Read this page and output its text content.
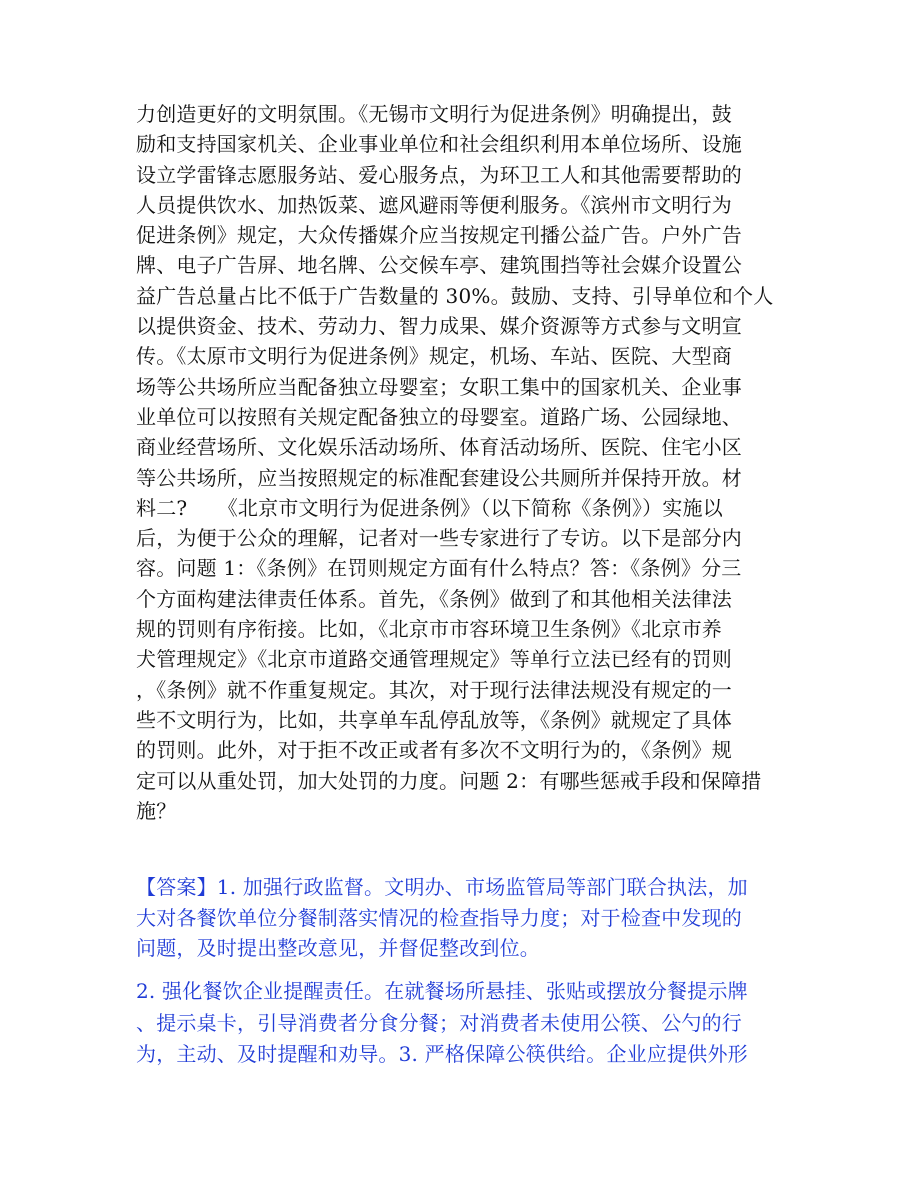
力创造更好的文明氛围。《无锡市文明行为促进条例》明确提出，鼓
励和支持国家机关、企业事业单位和社会组织利用本单位场所、设施
设立学雷锋志愿服务站、爱心服务点，为环卫工人和其他需要帮助的
人员提供饮水、加热饭菜、遮风避雨等便利服务。《滨州市文明行为
促进条例》规定，大众传播媒介应当按规定刊播公益广告。户外广告
牌、电子广告屏、地名牌、公交候车亭、建筑围挡等社会媒介设置公
益广告总量占比不低于广告数量的 30%。鼓励、支持、引导单位和个人
以提供资金、技术、劳动力、智力成果、媒介资源等方式参与文明宣
传。《太原市文明行为促进条例》规定，机场、车站、医院、大型商
场等公共场所应当配备独立母婴室；女职工集中的国家机关、企业事
业单位可以按照有关规定配备独立的母婴室。道路广场、公园绿地、
商业经营场所、文化娱乐活动场所、体育活动场所、医院、住宅小区
等公共场所，应当按照规定的标准配套建设公共厕所并保持开放。材
料二?　　《北京市文明行为促进条例》（以下简称《条例》）实施以
后，为便于公众的理解，记者对一些专家进行了专访。以下是部分内
容。问题 1：《条例》在罚则规定方面有什么特点？答：《条例》分三
个方面构建法律责任体系。首先，《条例》做到了和其他相关法律法
规的罚则有序衔接。比如，《北京市市容环境卫生条例》《北京市养
犬管理规定》《北京市道路交通管理规定》等单行立法已经有的罚则
，《条例》就不作重复规定。其次，对于现行法律法规没有规定的一
些不文明行为，比如，共享单车乱停乱放等，《条例》就规定了具体
的罚则。此外，对于拒不改正或者有多次不文明行为的，《条例》规
定可以从重处罚，加大处罚的力度。问题 2：有哪些惩戒手段和保障措
施？
【答案】1. 加强行政监督。文明办、市场监管局等部门联合执法，加
大对各餐饮单位分餐制落实情况的检查指导力度；对于检查中发现的
问题，及时提出整改意见，并督促整改到位。
2. 强化餐饮企业提醒责任。在就餐场所悬挂、张贴或摆放分餐提示牌
、提示桌卡，引导消费者分食分餐；对消费者未使用公筷、公勺的行
为，主动、及时提醒和劝导。3. 严格保障公筷供给。企业应提供外形
